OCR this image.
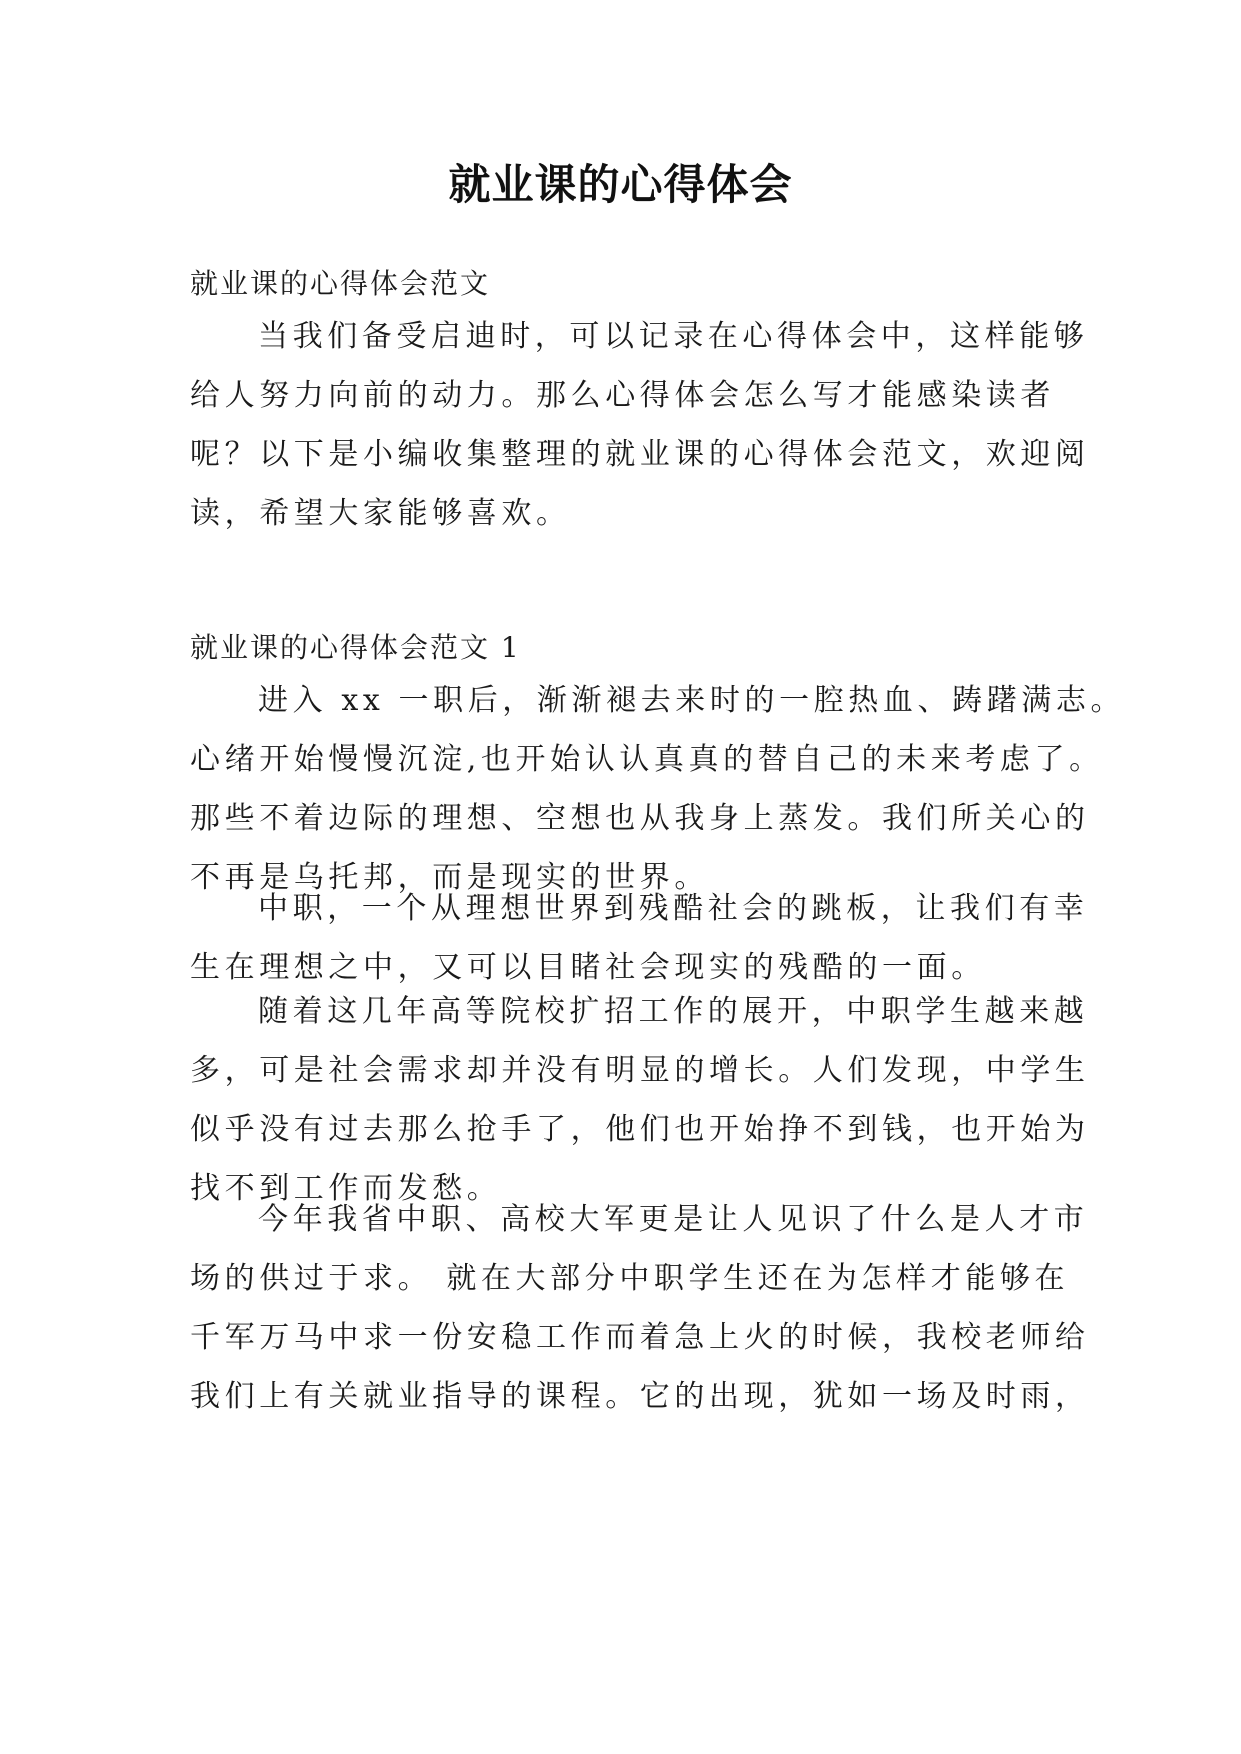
就业课的心得体会
就业课的心得体会范文
当我们备受启迪时，可以记录在心得体会中，这样能够
给人努力向前的动力。那么心得体会怎么写才能感染读者
呢？以下是小编收集整理的就业课的心得体会范文，欢迎阅
读，希望大家能够喜欢。
就业课的心得体会范文 1
进入 xx 一职后，渐渐褪去来时的一腔热血、踌躇满志。
心绪开始慢慢沉淀,也开始认认真真的替自己的未来考虑了。
那些不着边际的理想、空想也从我身上蒸发。我们所关心的
不再是乌托邦，而是现实的世界。
中职，一个从理想世界到残酷社会的跳板，让我们有幸
生在理想之中，又可以目睹社会现实的残酷的一面。
随着这几年高等院校扩招工作的展开，中职学生越来越
多，可是社会需求却并没有明显的增长。人们发现，中学生
似乎没有过去那么抢手了，他们也开始挣不到钱，也开始为
找不到工作而发愁。
今年我省中职、高校大军更是让人见识了什么是人才市
场的供过于求。 就在大部分中职学生还在为怎样才能够在
千军万马中求一份安稳工作而着急上火的时候，我校老师给
我们上有关就业指导的课程。它的出现，犹如一场及时雨，
